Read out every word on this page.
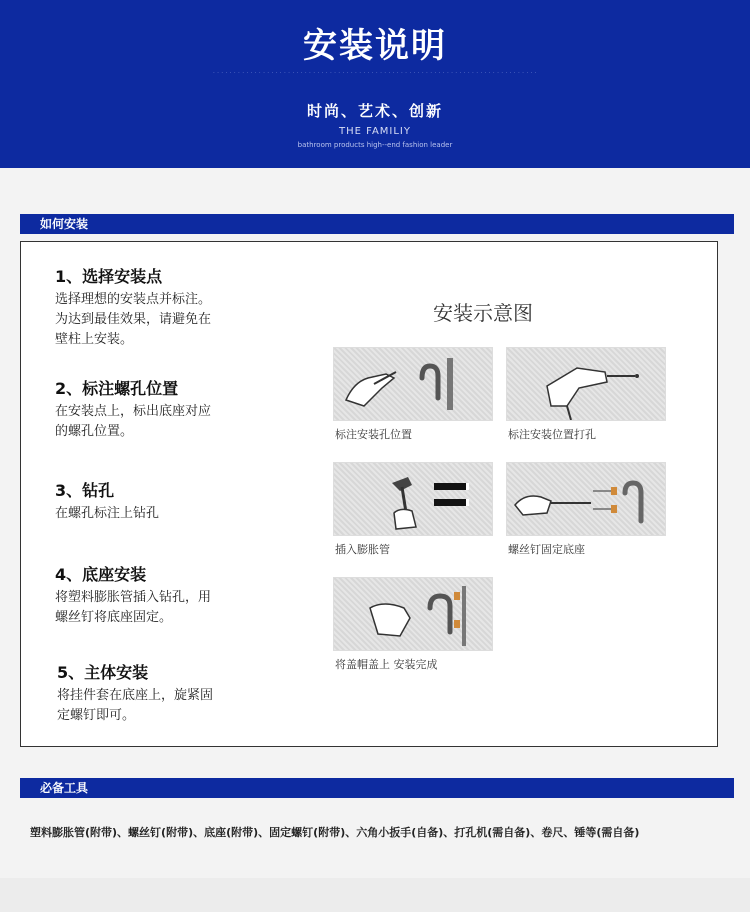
安装说明
· · · · · · · · · · · · · · · · · · · · · · · · · · · · · · · · · · · · · · · · · · · · · · · · · · · · · · · · · · · · · · · · · · · · · · · · · · · · · ·
时尚、艺术、创新
THE FAMILIY
bathroom products high--end fashion leader
如何安装
1、选择安装点
选择理想的安装点并标注。
为达到最佳效果，请避免在
壁柱上安装。
2、标注螺孔位置
在安装点上，标出底座对应
的螺孔位置。
3、钻孔
在螺孔标注上钻孔
4、底座安装
将塑料膨胀管插入钻孔，用
螺丝钉将底座固定。
5、主体安装
将挂件套在底座上，旋紧固
定螺钉即可。
安装示意图
标注安装孔位置	标注安装位置打孔
插入膨胀管	螺丝钉固定底座
将盖帽盖上 安装完成
必备工具
塑料膨胀管(附带)、螺丝钉(附带)、底座(附带)、固定螺钉(附带)、六角小扳手(自备)、打孔机(需自备)、卷尺、锤等(需自备)
